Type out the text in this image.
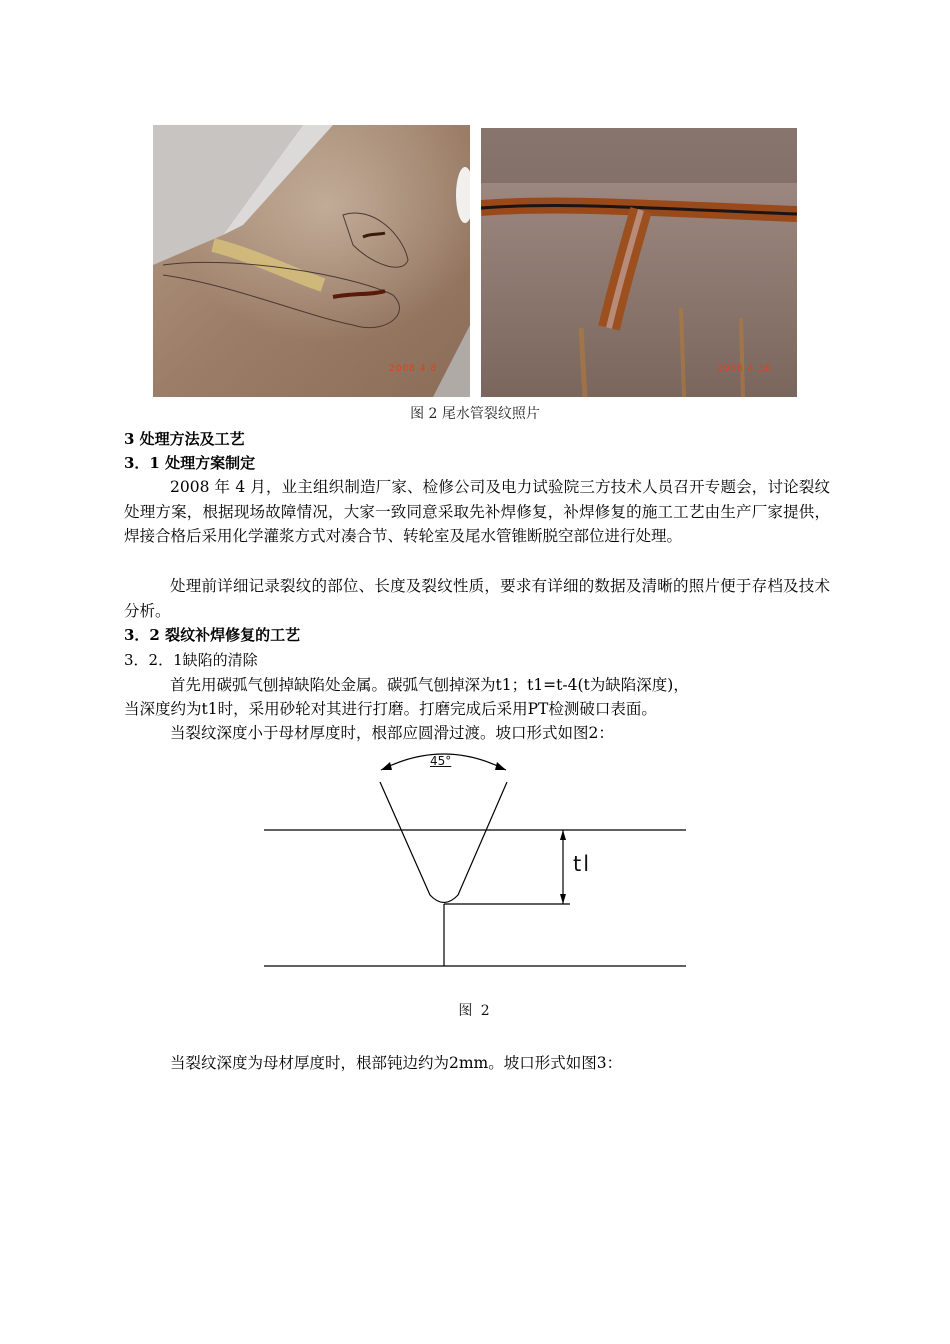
2008 4 8	2008 4 10
图 2 尾水管裂纹照片
3 处理方法及工艺
3．1 处理方案制定
2008 年 4 月，业主组织制造厂家、检修公司及电力试验院三方技术人员召开专题会，讨论裂纹处理方案，根据现场故障情况，大家一致同意采取先补焊修复，补焊修复的施工工艺由生产厂家提供，焊接合格后采用化学灌浆方式对凑合节、转轮室及尾水管锥断脱空部位进行处理。
处理前详细记录裂纹的部位、长度及裂纹性质，要求有详细的数据及清晰的照片便于存档及技术分析。
3．2 裂纹补焊修复的工艺
3．2．1缺陷的清除
首先用碳弧气刨掉缺陷处金属。碳弧气刨掉深为t1；t1=t-4(t为缺陷深度)，
当深度约为t1时，采用砂轮对其进行打磨。打磨完成后采用PT检测破口表面。
当裂纹深度小于母材厚度时，根部应圆滑过渡。坡口形式如图2：
45°
tl
图 2
当裂纹深度为母材厚度时，根部钝边约为2mm。坡口形式如图3：
